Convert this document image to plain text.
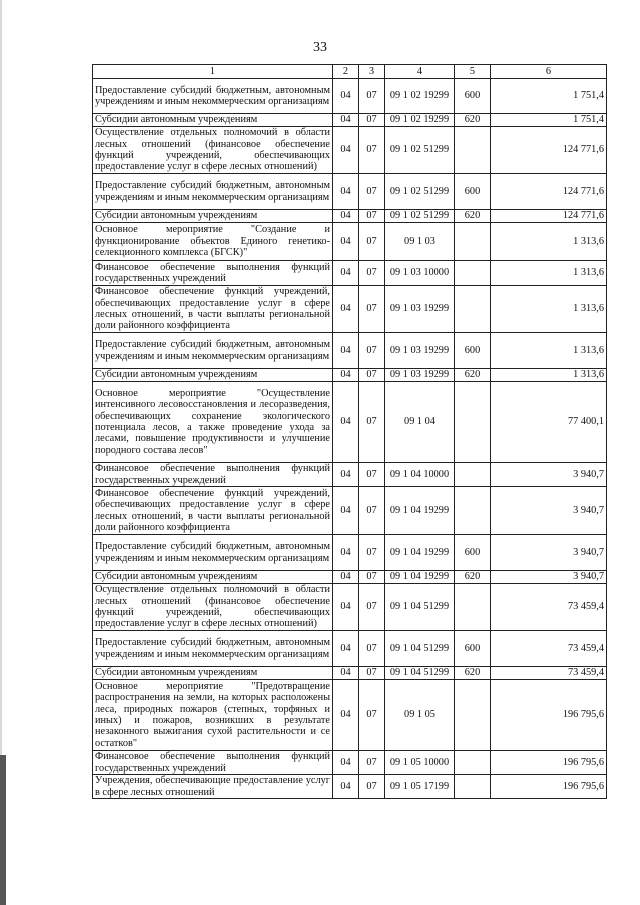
33
1	2	3	4	5	6
Предоставление субсидий бюджетным, автономным учреждениям и иным некоммерческим организациям	04	07	09 1 02 19299	600	1 751,4
Субсидии автономным учреждениям	04	07	09 1 02 19299	620	1 751,4
Осуществление отдельных полномочий в области лесных отношений (финансовое обеспечение функций учреждений, обеспечивающих предоставление услуг в сфере лесных отношений)	04	07	09 1 02 51299		124 771,6
Предоставление субсидий бюджетным, автономным учреждениям и иным некоммерческим организациям	04	07	09 1 02 51299	600	124 771,6
Субсидии автономным учреждениям	04	07	09 1 02 51299	620	124 771,6
Основное мероприятие "Создание и функционирование объектов Единого генетико-селекционного комплекса (БГСК)"	04	07	09 1 03		1 313,6
Финансовое обеспечение выполнения функций государственных учреждений	04	07	09 1 03 10000		1 313,6
Финансовое обеспечение функций учреждений, обеспечивающих предоставление услуг в сфере лесных отношений, в части выплаты региональной доли районного коэффициента	04	07	09 1 03 19299		1 313,6
Предоставление субсидий бюджетным, автономным учреждениям и иным некоммерческим организациям	04	07	09 1 03 19299	600	1 313,6
Субсидии автономным учреждениям	04	07	09 1 03 19299	620	1 313,6
Основное мероприятие "Осуществление интенсивного лесовосстановления и лесоразведения, обеспечивающих сохранение экологического потенциала лесов, а также проведение ухода за лесами, повышение продуктивности и улучшение породного состава лесов"	04	07	09 1 04		77 400,1
Финансовое обеспечение выполнения функций государственных учреждений	04	07	09 1 04 10000		3 940,7
Финансовое обеспечение функций учреждений, обеспечивающих предоставление услуг в сфере лесных отношений, в части выплаты региональной доли районного коэффициента	04	07	09 1 04 19299		3 940,7
Предоставление субсидий бюджетным, автономным учреждениям и иным некоммерческим организациям	04	07	09 1 04 19299	600	3 940,7
Субсидии автономным учреждениям	04	07	09 1 04 19299	620	3 940,7
Осуществление отдельных полномочий в области лесных отношений (финансовое обеспечение функций учреждений, обеспечивающих предоставление услуг в сфере лесных отношений)	04	07	09 1 04 51299		73 459,4
Предоставление субсидий бюджетным, автономным учреждениям и иным некоммерческим организациям	04	07	09 1 04 51299	600	73 459,4
Субсидии автономным учреждениям	04	07	09 1 04 51299	620	73 459,4
Основное мероприятие "Предотвращение распространения на земли, на которых расположены леса, природных пожаров (степных, торфяных и иных) и пожаров, возникших в результате незаконного выжигания сухой растительности и се остатков"	04	07	09 1 05		196 795,6
Финансовое обеспечение выполнения функций государственных учреждений	04	07	09 1 05 10000		196 795,6
Учреждения, обеспечивающие предоставление услуг в сфере лесных отношений	04	07	09 1 05 17199		196 795,6
